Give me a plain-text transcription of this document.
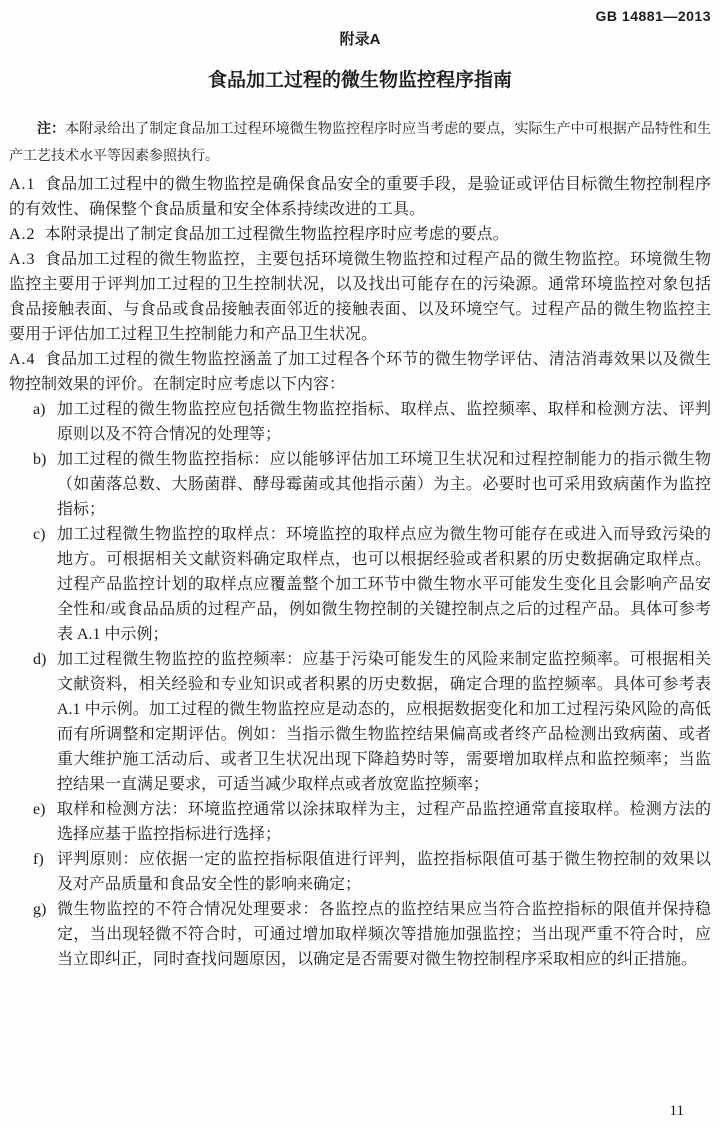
GB 14881—2013
附录A
食品加工过程的微生物监控程序指南
注：本附录给出了制定食品加工过程环境微生物监控程序时应当考虑的要点，实际生产中可根据产品特性和生产工艺技术水平等因素参照执行。

A.1 食品加工过程中的微生物监控是确保食品安全的重要手段，是验证或评估目标微生物控制程序的有效性、确保整个食品质量和安全体系持续改进的工具。

A.2 本附录提出了制定食品加工过程微生物监控程序时应考虑的要点。

A.3 食品加工过程的微生物监控，主要包括环境微生物监控和过程产品的微生物监控。环境微生物监控主要用于评判加工过程的卫生控制状况，以及找出可能存在的污染源。通常环境监控对象包括食品接触表面、与食品或食品接触表面邻近的接触表面、以及环境空气。过程产品的微生物监控主要用于评估加工过程卫生控制能力和产品卫生状况。

A.4 食品加工过程的微生物监控涵盖了加工过程各个环节的微生物学评估、清洁消毒效果以及微生物控制效果的评价。在制定时应考虑以下内容：

a) 加工过程的微生物监控应包括微生物监控指标、取样点、监控频率、取样和检测方法、评判原则以及不符合情况的处理等；

b) 加工过程的微生物监控指标：应以能够评估加工环境卫生状况和过程控制能力的指示微生物（如菌落总数、大肠菌群、酵母霉菌或其他指示菌）为主。必要时也可采用致病菌作为监控指标；

c) 加工过程微生物监控的取样点：环境监控的取样点应为微生物可能存在或进入而导致污染的地方。可根据相关文献资料确定取样点，也可以根据经验或者积累的历史数据确定取样点。过程产品监控计划的取样点应覆盖整个加工环节中微生物水平可能发生变化且会影响产品安全性和/或食品品质的过程产品，例如微生物控制的关键控制点之后的过程产品。具体可参考表 A.1 中示例；

d) 加工过程微生物监控的监控频率：应基于污染可能发生的风险来制定监控频率。可根据相关文献资料，相关经验和专业知识或者积累的历史数据，确定合理的监控频率。具体可参考表 A.1 中示例。加工过程的微生物监控应是动态的，应根据数据变化和加工过程污染风险的高低而有所调整和定期评估。例如：当指示微生物监控结果偏高或者终产品检测出致病菌、或者重大维护施工活动后、或者卫生状况出现下降趋势时等，需要增加取样点和监控频率；当监控结果一直满足要求，可适当减少取样点或者放宽监控频率；

e) 取样和检测方法：环境监控通常以涂抹取样为主，过程产品监控通常直接取样。检测方法的选择应基于监控指标进行选择；

f) 评判原则：应依据一定的监控指标限值进行评判，监控指标限值可基于微生物控制的效果以及对产品质量和食品安全性的影响来确定；

g) 微生物监控的不符合情况处理要求：各监控点的监控结果应当符合监控指标的限值并保持稳定，当出现轻微不符合时，可通过增加取样频次等措施加强监控；当出现严重不符合时，应当立即纠正，同时查找问题原因，以确定是否需要对微生物控制程序采取相应的纠正措施。

11
